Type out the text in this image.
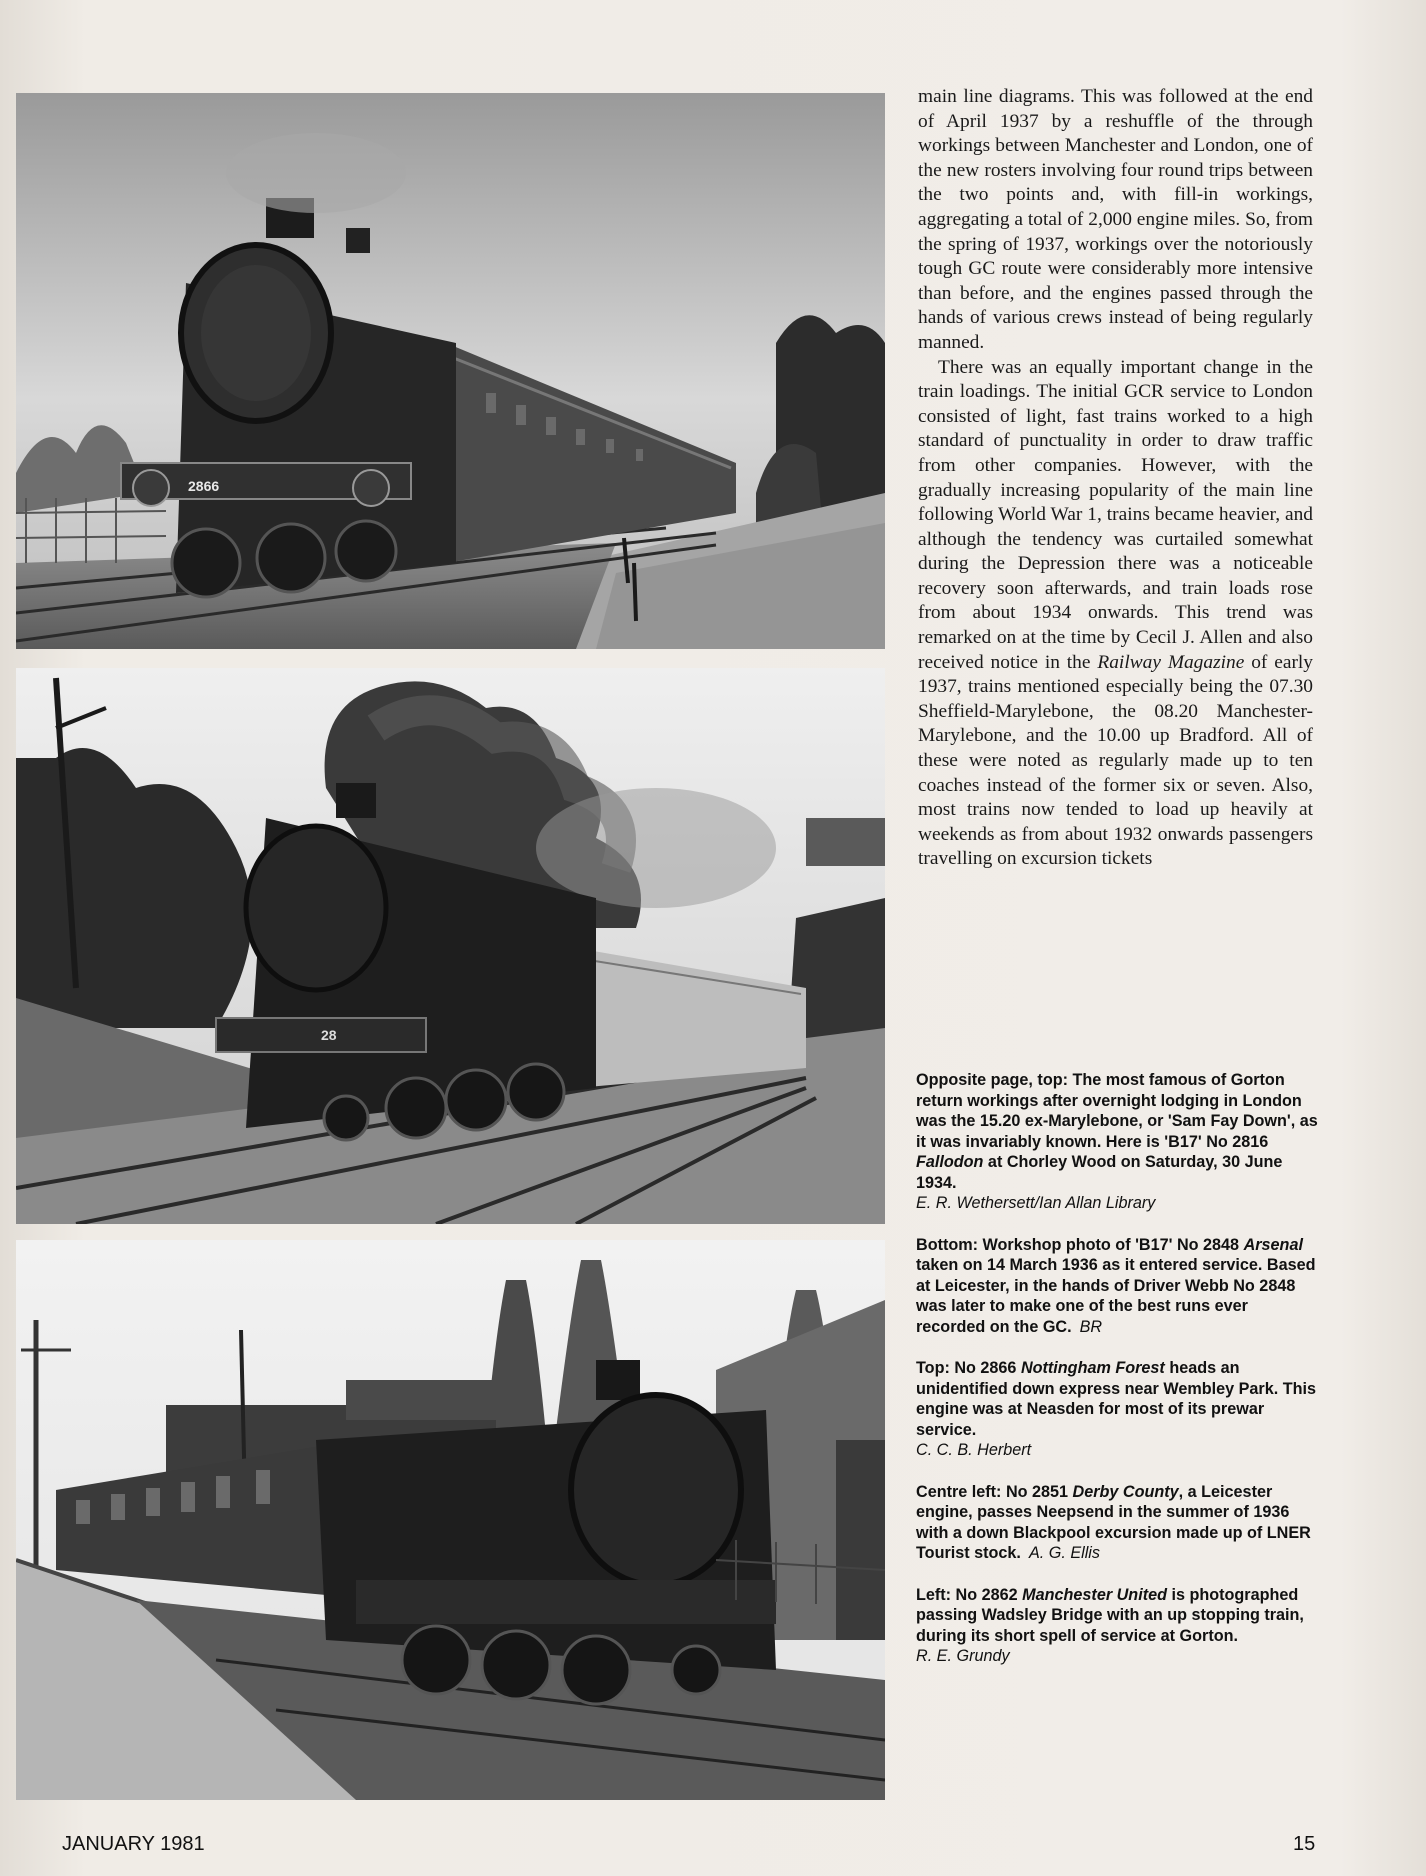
2866
28

main line diagrams. This was followed at the end of April 1937 by a reshuffle of the through workings between Manchester and London, one of the new rosters involving four round trips between the two points and, with fill-in workings, aggregating a total of 2,000 engine miles. So, from the spring of 1937, workings over the notoriously tough GC route were considerably more intensive than before, and the engines passed through the hands of various crews instead of being regularly manned.

There was an equally important change in the train loadings. The initial GCR service to London consisted of light, fast trains worked to a high standard of punctuality in order to draw traffic from other companies. However, with the gradually increasing popularity of the main line following World War 1, trains became heavier, and although the tendency was curtailed somewhat during the Depression there was a noticeable recovery soon afterwards, and train loads rose from about 1934 onwards. This trend was remarked on at the time by Cecil J. Allen and also received notice in the Railway Magazine of early 1937, trains mentioned especially being the 07.30 Sheffield-Marylebone, the 08.20 Manchester-Marylebone, and the 10.00 up Bradford. All of these were noted as regularly made up to ten coaches instead of the former six or seven. Also, most trains now tended to load up heavily at weekends as from about 1932 onwards passengers travelling on excursion tickets

Opposite page, top: The most famous of Gorton return workings after overnight lodging in London was the 15.20 ex-Marylebone, or 'Sam Fay Down', as it was invariably known. Here is 'B17' No 2816 Fallodon at Chorley Wood on Saturday, 30 June 1934.
E. R. Wethersett/Ian Allan Library

Bottom: Workshop photo of 'B17' No 2848 Arsenal taken on 14 March 1936 as it entered service. Based at Leicester, in the hands of Driver Webb No 2848 was later to make one of the best runs ever recorded on the GC. BR

Top: No 2866 Nottingham Forest heads an unidentified down express near Wembley Park. This engine was at Neasden for most of its prewar service.
C. C. B. Herbert

Centre left: No 2851 Derby County, a Leicester engine, passes Neepsend in the summer of 1936 with a down Blackpool excursion made up of LNER Tourist stock. A. G. Ellis

Left: No 2862 Manchester United is photographed passing Wadsley Bridge with an up stopping train, during its short spell of service at Gorton.
R. E. Grundy

JANUARY 1981	15
